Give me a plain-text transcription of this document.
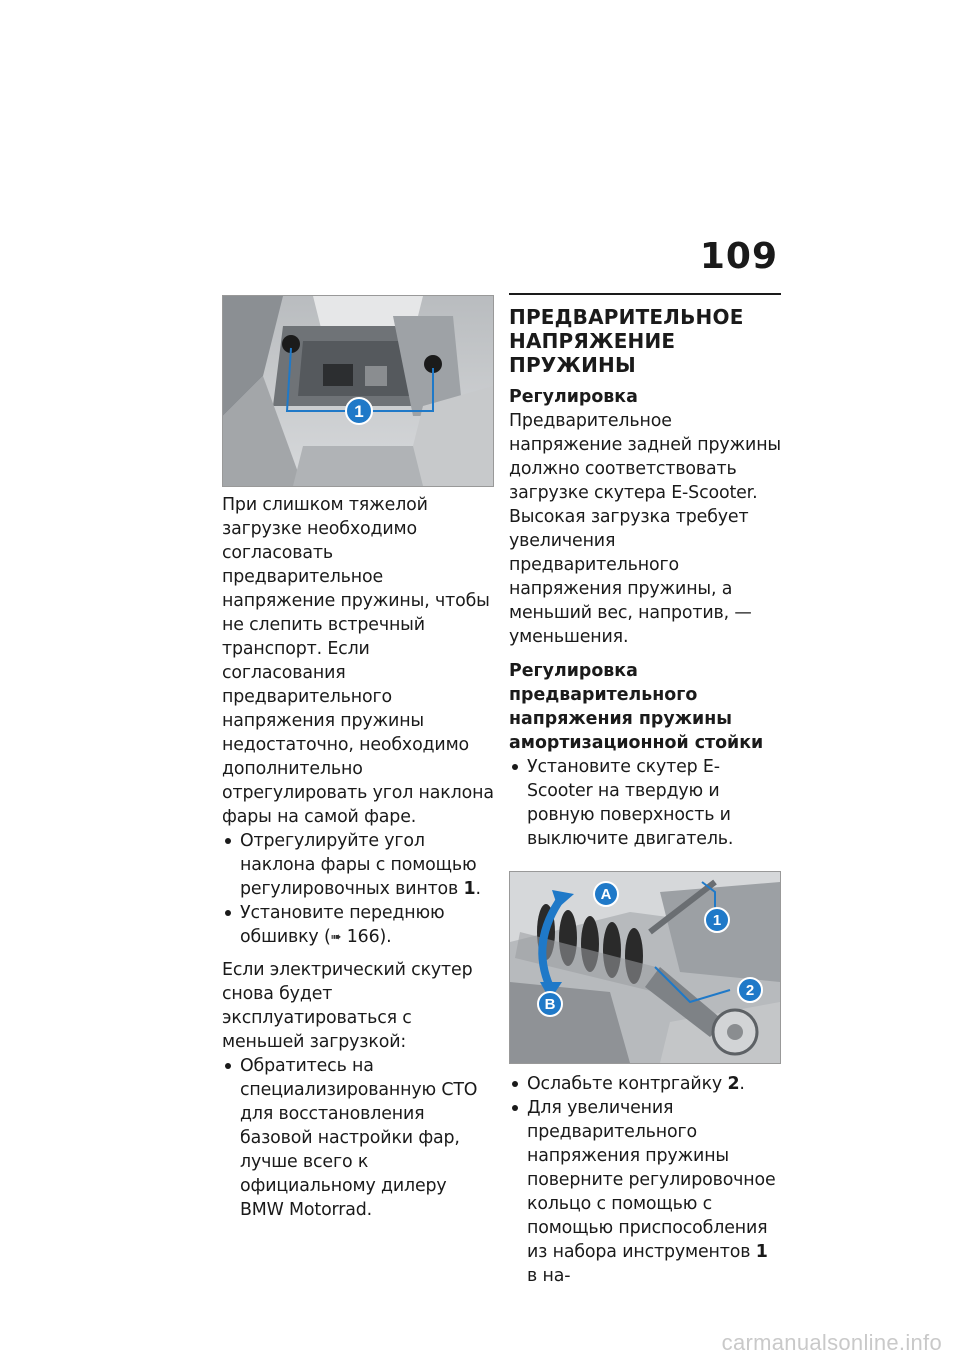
109
1

При слишком тяжелой загрузке необходимо согласовать предварительное напряжение пружины, чтобы не слепить встречный транспорт. Если согласования предварительного напряжения пружины недостаточно, необходимо дополнительно отрегулировать угол наклона фары на самой фаре.

Отрегулируйте угол наклона фары с помощью регулировочных винтов 1.
Установите переднюю обшивку (➠ 166).

Если электрический скутер снова будет эксплуатироваться с меньшей загрузкой:

Обратитесь на специализированную СТО для восстановления базовой настройки фар, лучше всего к официальному дилеру BMW Motorrad.
ПРЕДВАРИТЕЛЬНОЕ НАПРЯЖЕНИЕ ПРУЖИНЫ
Регулировка

Предварительное напряжение задней пружины должно соответствовать загрузке скутера E-Scooter. Высокая загрузка требует увеличения предварительного напряжения пружины, а меньший вес, напротив, — уменьшения.

Регулировка предварительного напряжения пружины амортизационной стойки
Установите скутер E-Scooter на твердую и ровную поверхность и выключите двигатель.
A
B
1
2
Ослабьте контргайку 2.
Для увеличения предварительного напряжения пружины поверните регулировочное кольцо с помощью с помощью приспособления из набора инструментов 1 в на-
carmanualsonline.info
